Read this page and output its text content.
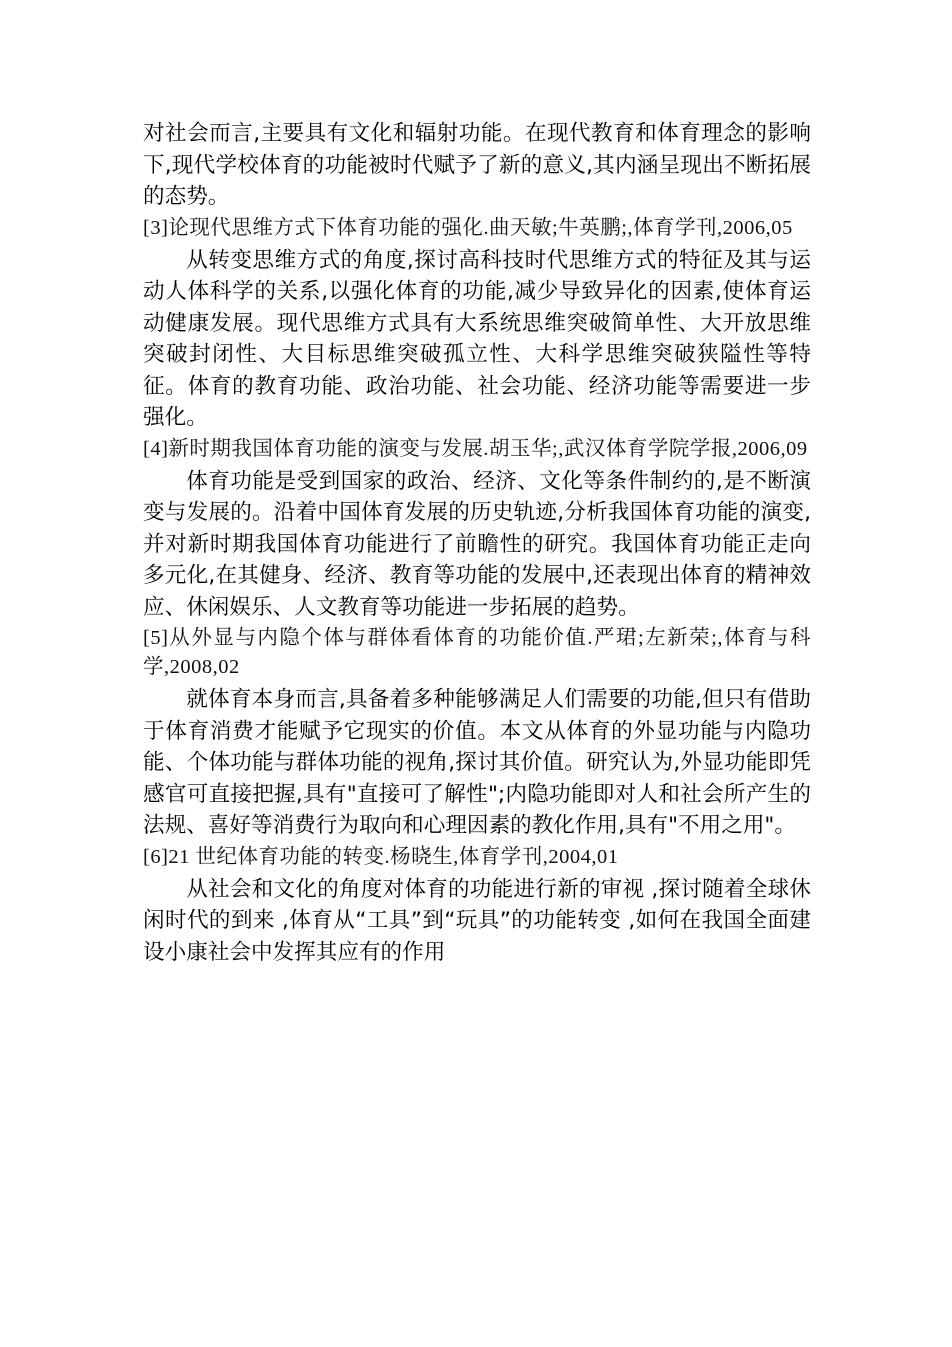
对社会而言,主要具有文化和辐射功能。在现代教育和体育理念的影响下,现代学校体育的功能被时代赋予了新的意义,其内涵呈现出不断拓展的态势。

[3]论现代思维方式下体育功能的强化.曲天敏;牛英鹏;,体育学刊,2006,05

从转变思维方式的角度,探讨高科技时代思维方式的特征及其与运动人体科学的关系,以强化体育的功能,减少导致异化的因素,使体育运动健康发展。现代思维方式具有大系统思维突破简单性、大开放思维突破封闭性、大目标思维突破孤立性、大科学思维突破狭隘性等特征。体育的教育功能、政治功能、社会功能、经济功能等需要进一步强化。

[4]新时期我国体育功能的演变与发展.胡玉华;,武汉体育学院学报,2006,09

体育功能是受到国家的政治、经济、文化等条件制约的,是不断演变与发展的。沿着中国体育发展的历史轨迹,分析我国体育功能的演变,并对新时期我国体育功能进行了前瞻性的研究。我国体育功能正走向多元化,在其健身、经济、教育等功能的发展中,还表现出体育的精神效应、休闲娱乐、人文教育等功能进一步拓展的趋势。

[5]从外显与内隐个体与群体看体育的功能价值.严珺;左新荣;,体育与科学,2008,02

就体育本身而言,具备着多种能够满足人们需要的功能,但只有借助于体育消费才能赋予它现实的价值。本文从体育的外显功能与内隐功能、个体功能与群体功能的视角,探讨其价值。研究认为,外显功能即凭感官可直接把握,具有"直接可了解性";内隐功能即对人和社会所产生的法规、喜好等消费行为取向和心理因素的教化作用,具有"不用之用"。

[6]21 世纪体育功能的转变.杨晓生,体育学刊,2004,01

从社会和文化的角度对体育的功能进行新的审视 ,探讨随着全球休闲时代的到来 ,体育从“工具”到“玩具”的功能转变 ,如何在我国全面建设小康社会中发挥其应有的作用
